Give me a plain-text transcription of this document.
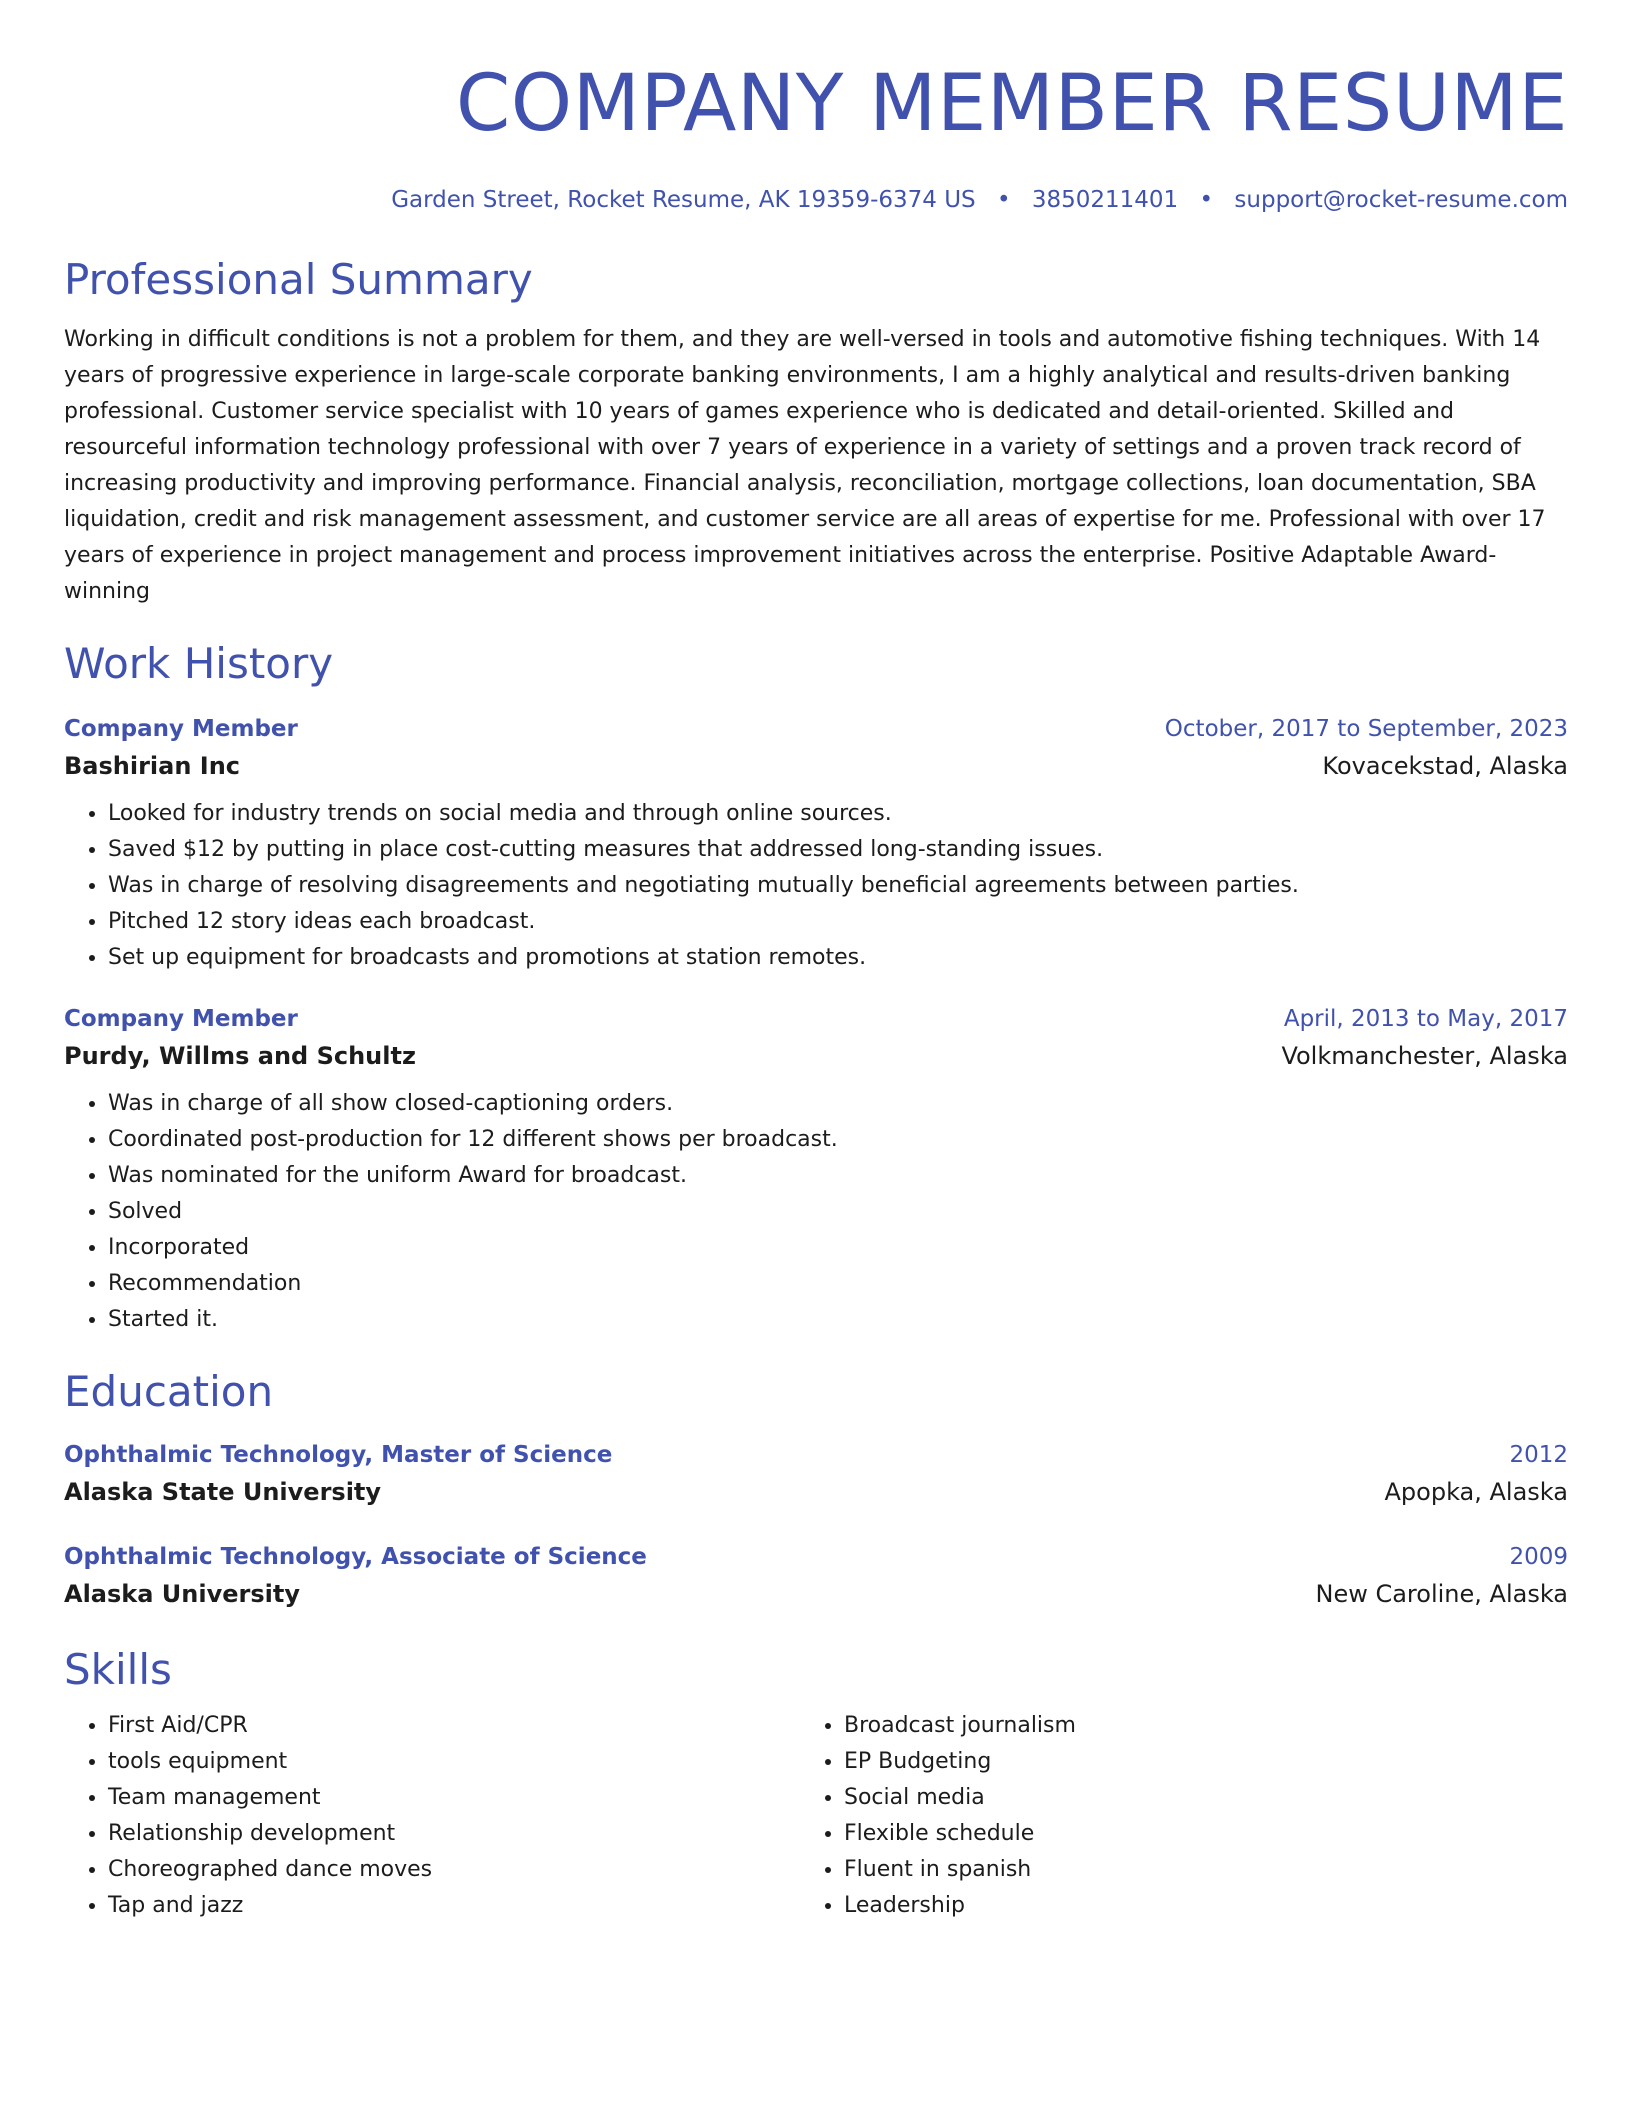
COMPANY MEMBER RESUME
Garden Street, Rocket Resume, AK 19359-6374 US • 3850211401 • support@rocket-resume.com
Professional Summary
Working in difficult conditions is not a problem for them, and they are well-versed in tools and automotive fishing techniques. With 14 years of progressive experience in large-scale corporate banking environments, I am a highly analytical and results-driven banking professional. Customer service specialist with 10 years of games experience who is dedicated and detail-oriented. Skilled and resourceful information technology professional with over 7 years of experience in a variety of settings and a proven track record of increasing productivity and improving performance. Financial analysis, reconciliation, mortgage collections, loan documentation, SBA liquidation, credit and risk management assessment, and customer service are all areas of expertise for me. Professional with over 17 years of experience in project management and process improvement initiatives across the enterprise. Positive Adaptable Award-winning
Work History
Company Member	October, 2017 to September, 2023
Bashirian Inc	Kovacekstad, Alaska
• Looked for industry trends on social media and through online sources.
• Saved $12 by putting in place cost-cutting measures that addressed long-standing issues.
• Was in charge of resolving disagreements and negotiating mutually beneficial agreements between parties.
• Pitched 12 story ideas each broadcast.
• Set up equipment for broadcasts and promotions at station remotes.
Company Member	April, 2013 to May, 2017
Purdy, Willms and Schultz	Volkmanchester, Alaska
• Was in charge of all show closed-captioning orders.
• Coordinated post-production for 12 different shows per broadcast.
• Was nominated for the uniform Award for broadcast.
• Solved
• Incorporated
• Recommendation
• Started it.
Education
Ophthalmic Technology, Master of Science	2012
Alaska State University	Apopka, Alaska
Ophthalmic Technology, Associate of Science	2009
Alaska University	New Caroline, Alaska
Skills
• First Aid/CPR
• tools equipment
• Team management
• Relationship development
• Choreographed dance moves
• Tap and jazz
• Broadcast journalism
• EP Budgeting
• Social media
• Flexible schedule
• Fluent in spanish
• Leadership
